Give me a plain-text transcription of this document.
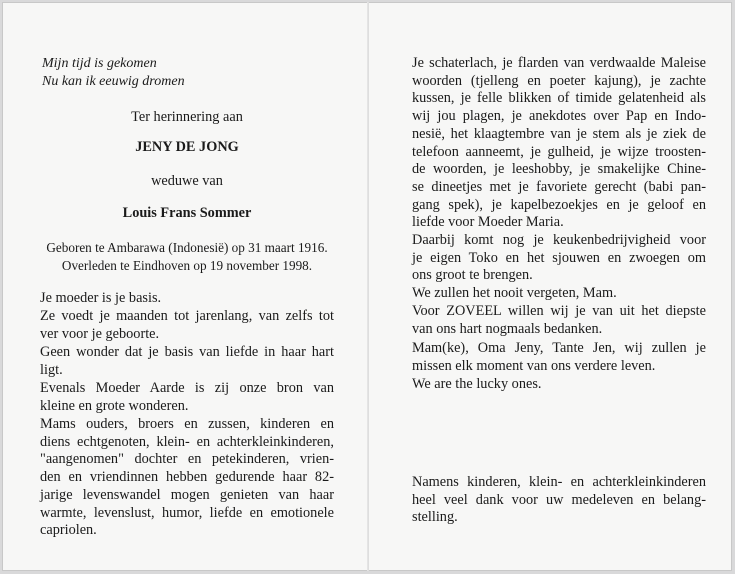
Mijn tijd is gekomen
Nu kan ik eeuwig dromen
Ter herinnering aan
JENY DE JONG
weduwe van
Louis Frans Sommer
Geboren te Ambarawa (Indonesië) op 31 maart 1916.
Overleden te Eindhoven op 19 november 1998.
Je moeder is je basis.
Ze voedt je maanden tot jarenlang, van zelfs tot
ver voor je geboorte.
Geen wonder dat je basis van liefde in haar hart
ligt.
Evenals Moeder Aarde is zij onze bron van
kleine en grote wonderen.
Mams ouders, broers en zussen, kinderen en
diens echtgenoten, klein- en achterkleinkinderen,
"aangenomen" dochter en petekinderen, vrien-
den en vriendinnen hebben gedurende haar 82-
jarige levenswandel mogen genieten van haar
warmte, levenslust, humor, liefde en emotionele
capriolen.
Je schaterlach, je flarden van verdwaalde Maleise
woorden (tjelleng en poeter kajung), je zachte
kussen, je felle blikken of timide gelatenheid als
wij jou plagen, je anekdotes over Pap en Indo-
nesië, het klaagtembre van je stem als je ziek de
telefoon aanneemt, je gulheid, je wijze troosten-
de woorden, je leeshobby, je smakelijke Chine-
se dineetjes met je favoriete gerecht (babi pan-
gang spek), je kapelbezoekjes en je geloof en
liefde voor Moeder Maria.
Daarbij komt nog je keukenbedrijvigheid voor
je eigen Toko en het sjouwen en zwoegen om
ons groot te brengen.
We zullen het nooit vergeten, Mam.
Voor ZOVEEL willen wij je van uit het diepste
van ons hart nogmaals bedanken.
Mam(ke), Oma Jeny, Tante Jen, wij zullen je
missen elk moment van ons verdere leven.
We are the lucky ones.
Namens kinderen, klein- en achterkleinkinderen
heel veel dank voor uw medeleven en belang-
stelling.
